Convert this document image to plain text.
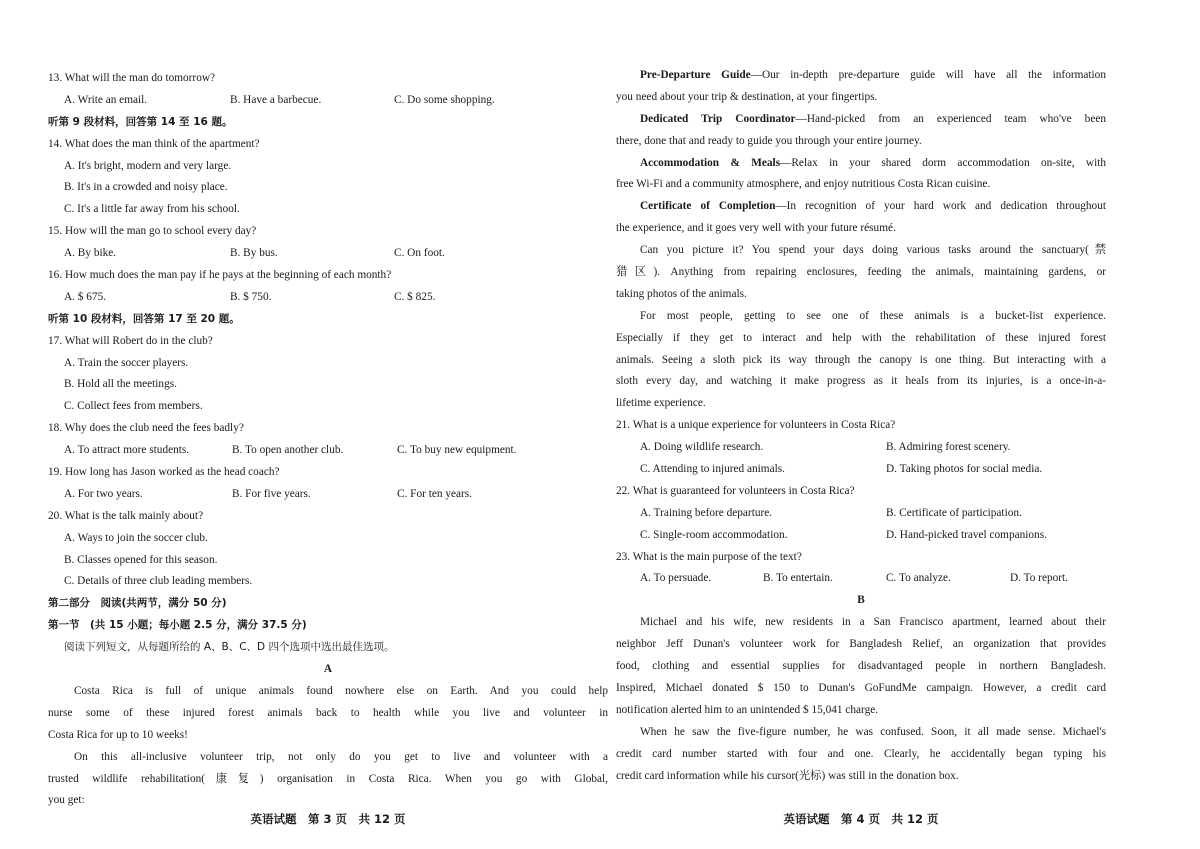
13. What will the man do tomorrow?
A. Write an email.	B. Have a barbecue.	C. Do some shopping.
听第 9 段材料，回答第 14 至 16 题。
14. What does the man think of the apartment?
A. It's bright, modern and very large.
B. It's in a crowded and noisy place.
C. It's a little far away from his school.
15. How will the man go to school every day?
A. By bike.	B. By bus.	C. On foot.
16. How much does the man pay if he pays at the beginning of each month?
A. $ 675.	B. $ 750.	C. $ 825.
听第 10 段材料，回答第 17 至 20 题。
17. What will Robert do in the club?
A. Train the soccer players.
B. Hold all the meetings.
C. Collect fees from members.
18. Why does the club need the fees badly?
A. To attract more students.	B. To open another club.	C. To buy new equipment.
19. How long has Jason worked as the head coach?
A. For two years.	B. For five years.	C. For ten years.
20. What is the talk mainly about?
A. Ways to join the soccer club.
B. Classes opened for this season.
C. Details of three club leading members.
第二部分　阅读(共两节，满分 50 分)
第一节　(共 15 小题；每小题 2.5 分，满分 37.5 分)
阅读下列短文，从每题所给的 A、B、C、D 四个选项中选出最佳选项。
A
Costa Rica is full of unique animals found nowhere else on Earth. And you could help
nurse some of these injured forest animals back to health while you live and volunteer in
Costa Rica for up to 10 weeks!
On this all-inclusive volunteer trip, not only do you get to live and volunteer with a
trusted wildlife rehabilitation(康复) organisation in Costa Rica. When you go with Global,
you get:
英语试题　第 3 页　共 12 页
Pre-Departure Guide—Our in-depth pre-departure guide will have all the information
you need about your trip & destination, at your fingertips.
Dedicated Trip Coordinator—Hand-picked from an experienced team who've been
there, done that and ready to guide you through your entire journey.
Accommodation & Meals—Relax in your shared dorm accommodation on-site, with
free Wi-Fi and a community atmosphere, and enjoy nutritious Costa Rican cuisine.
Certificate of Completion—In recognition of your hard work and dedication throughout
the experience, and it goes very well with your future résumé.
Can you picture it? You spend your days doing various tasks around the sanctuary(禁
猎区). Anything from repairing enclosures, feeding the animals, maintaining gardens, or
taking photos of the animals.
For most people, getting to see one of these animals is a bucket-list experience.
Especially if they get to interact and help with the rehabilitation of these injured forest
animals. Seeing a sloth pick its way through the canopy is one thing. But interacting with a
sloth every day, and watching it make progress as it heals from its injuries, is a once-in-a-
lifetime experience.
21. What is a unique experience for volunteers in Costa Rica?
A. Doing wildlife research.	B. Admiring forest scenery.
C. Attending to injured animals.	D. Taking photos for social media.
22. What is guaranteed for volunteers in Costa Rica?
A. Training before departure.	B. Certificate of participation.
C. Single-room accommodation.	D. Hand-picked travel companions.
23. What is the main purpose of the text?
A. To persuade.	B. To entertain.	C. To analyze.	D. To report.
B
Michael and his wife, new residents in a San Francisco apartment, learned about their
neighbor Jeff Dunan's volunteer work for Bangladesh Relief, an organization that provides
food, clothing and essential supplies for disadvantaged people in northern Bangladesh.
Inspired, Michael donated $ 150 to Dunan's GoFundMe campaign. However, a credit card
notification alerted him to an unintended $ 15,041 charge.
When he saw the five-figure number, he was confused. Soon, it all made sense. Michael's
credit card number started with four and one. Clearly, he accidentally began typing his
credit card information while his cursor(光标) was still in the donation box.
英语试题　第 4 页　共 12 页
